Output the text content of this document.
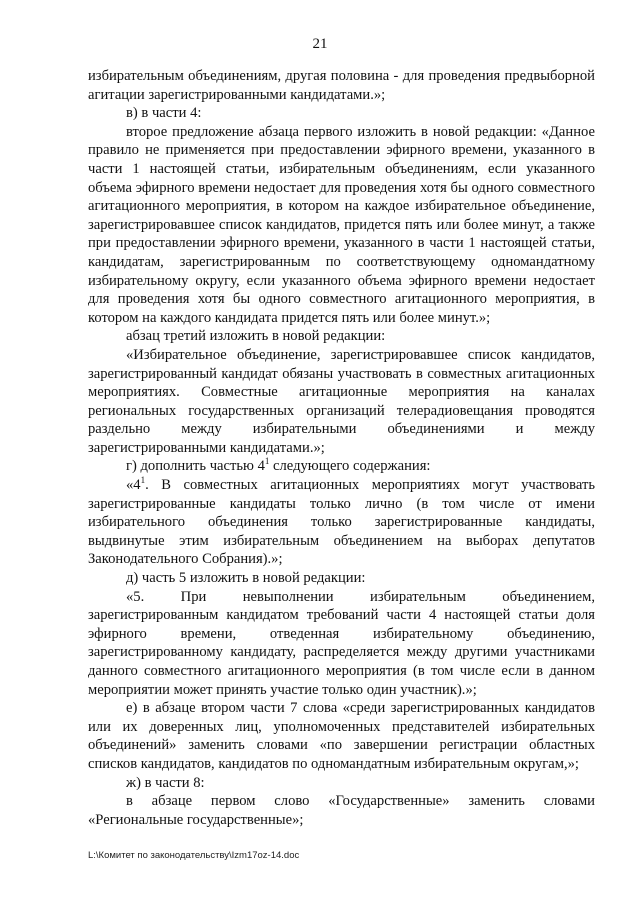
21

избирательным объединениям, другая половина - для проведения предвыборной агитации зарегистрированными кандидатами.»;

в) в части 4:

второе предложение абзаца первого изложить в новой редакции: «Данное правило не применяется при предоставлении эфирного времени, указанного в части 1 настоящей статьи, избирательным объединениям, если указанного объема эфирного времени недостает для проведения хотя бы одного совместного агитационного мероприятия, в котором на каждое избирательное объединение, зарегистрировавшее список кандидатов, придется пять или более минут, а также при предоставлении эфирного времени, указанного в части 1 настоящей статьи, кандидатам, зарегистрированным по соответствующему одномандатному избирательному округу, если указанного объема эфирного времени недостает для проведения хотя бы одного совместного агитационного мероприятия, в котором на каждого кандидата придется пять или более минут.»;

абзац третий изложить в новой редакции:

«Избирательное объединение, зарегистрировавшее список кандидатов, зарегистрированный кандидат обязаны участвовать в совместных агитационных мероприятиях. Совместные агитационные мероприятия на каналах региональных государственных организаций телерадиовещания проводятся раздельно между избирательными объединениями и между зарегистрированными кандидатами.»;

г) дополнить частью $4^1$ следующего содержания:

«$4^1$. В совместных агитационных мероприятиях могут участвовать зарегистрированные кандидаты только лично (в том числе от имени избирательного объединения только зарегистрированные кандидаты, выдвинутые этим избирательным объединением на выборах депутатов Законодательного Собрания).»;

д) часть 5 изложить в новой редакции:

«5. При невыполнении избирательным объединением, зарегистрированным кандидатом требований части 4 настоящей статьи доля эфирного времени, отведенная избирательному объединению, зарегистрированному кандидату, распределяется между другими участниками данного совместного агитационного мероприятия (в том числе если в данном мероприятии может принять участие только один участник).»;

е) в абзаце втором части 7 слова «среди зарегистрированных кандидатов или их доверенных лиц, уполномоченных представителей избирательных объединений» заменить словами «по завершении регистрации областных списков кандидатов, кандидатов по одномандатным избирательным округам,»;

ж) в части 8:

в абзаце первом слово «Государственные» заменить словами «Региональные государственные»;

L:\Комитет по законодательству\Izm17oz-14.doc
